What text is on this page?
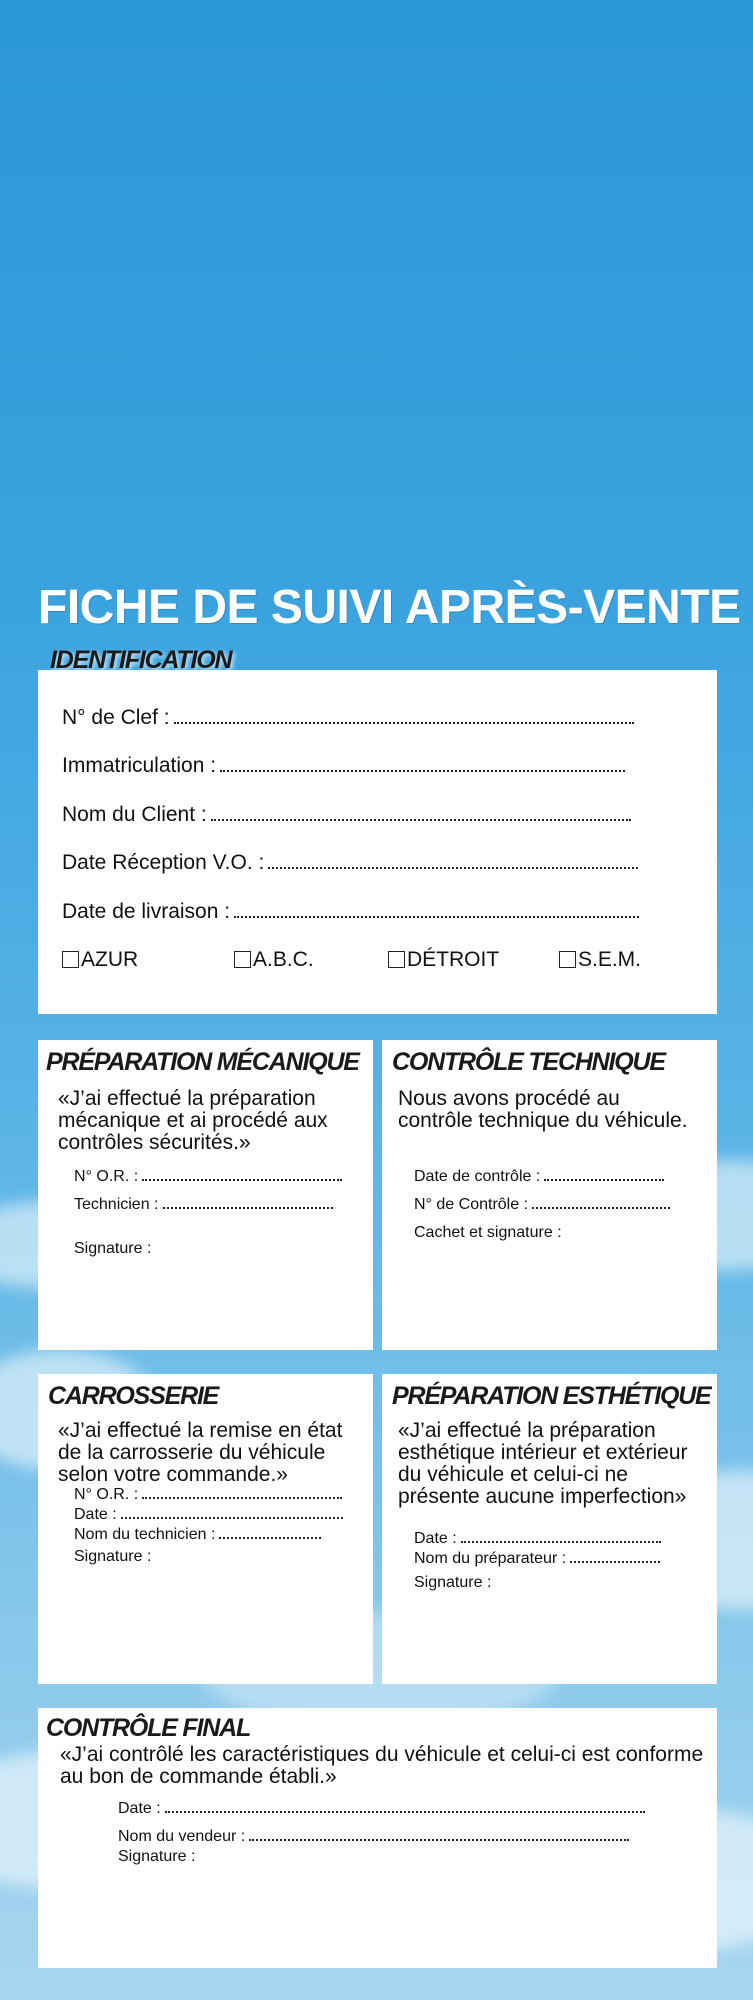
FICHE DE SUIVI APRÈS-VENTE
IDENTIFICATION
N° de Clef :
Immatriculation :
Nom du Client :
Date Réception V.O. :
Date de livraison :
AZUR	A.B.C.	DÉTROIT	S.E.M.
«J’ai effectué la préparation mécanique et ai procédé aux contrôles sécurités.»
N° O.R. :
Technicien :
Signature :
PRÉPARATION MÉCANIQUE
Nous avons procédé au contrôle technique du véhicule.
Date de contrôle :
N° de Contrôle :
Cachet et signature :
CONTRÔLE TECHNIQUE
«J’ai effectué la remise en état de la carrosserie du véhicule selon votre commande.»
N° O.R. :
Date :
Nom du technicien :
Signature :
CARROSSERIE
«J’ai effectué la préparation esthétique intérieur et extérieur du véhicule et celui-ci ne présente aucune imperfection»
Date :
Nom du préparateur :
Signature :
PRÉPARATION ESTHÉTIQUE
«J’ai contrôlé les caractéristiques du véhicule et celui-ci est conforme au bon de commande établi.»
Date :
Nom du vendeur :
Signature :
CONTRÔLE FINAL
